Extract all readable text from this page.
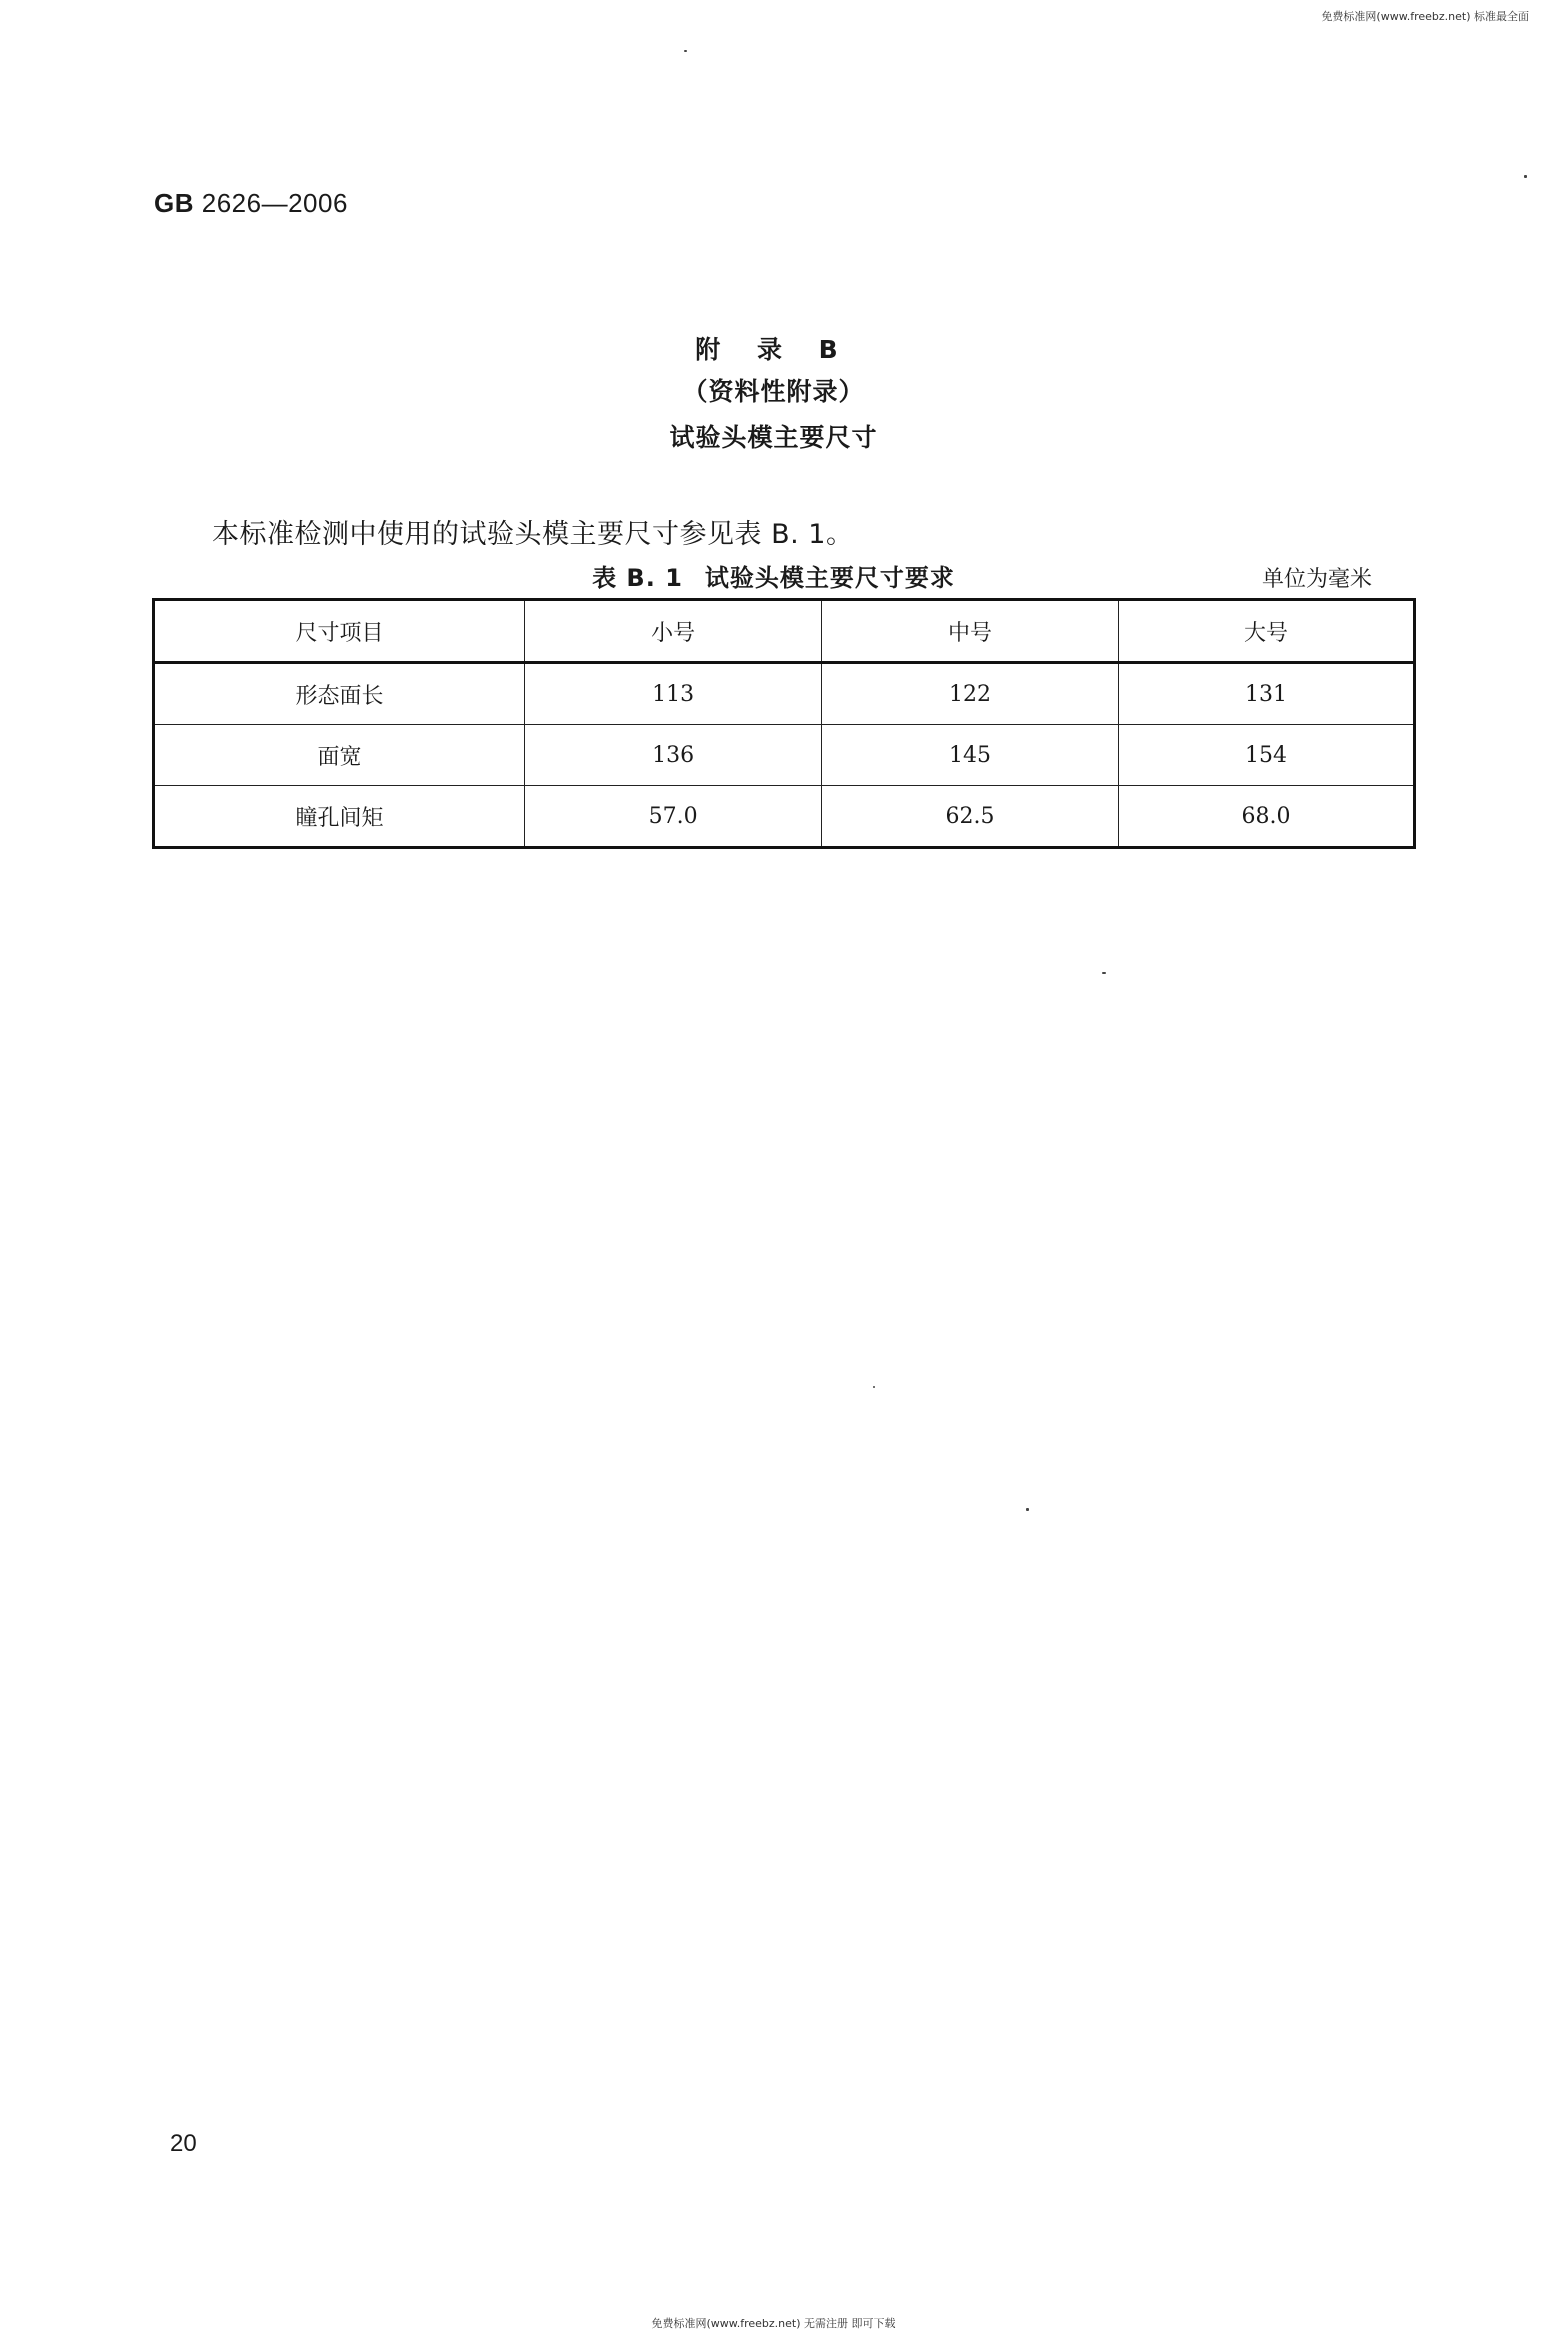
免费标准网(www.freebz.net) 标准最全面
GB 2626—2006
附 录 B
（资料性附录）
试验头模主要尺寸
本标准检测中使用的试验头模主要尺寸参见表 B. 1。
表 B. 1 试验头模主要尺寸要求	单位为毫米
尺寸项目	小号	中号	大号
形态面长	113	122	131
面宽	136	145	154
瞳孔间矩	57.0	62.5	68.0
20
免费标准网(www.freebz.net) 无需注册 即可下载
